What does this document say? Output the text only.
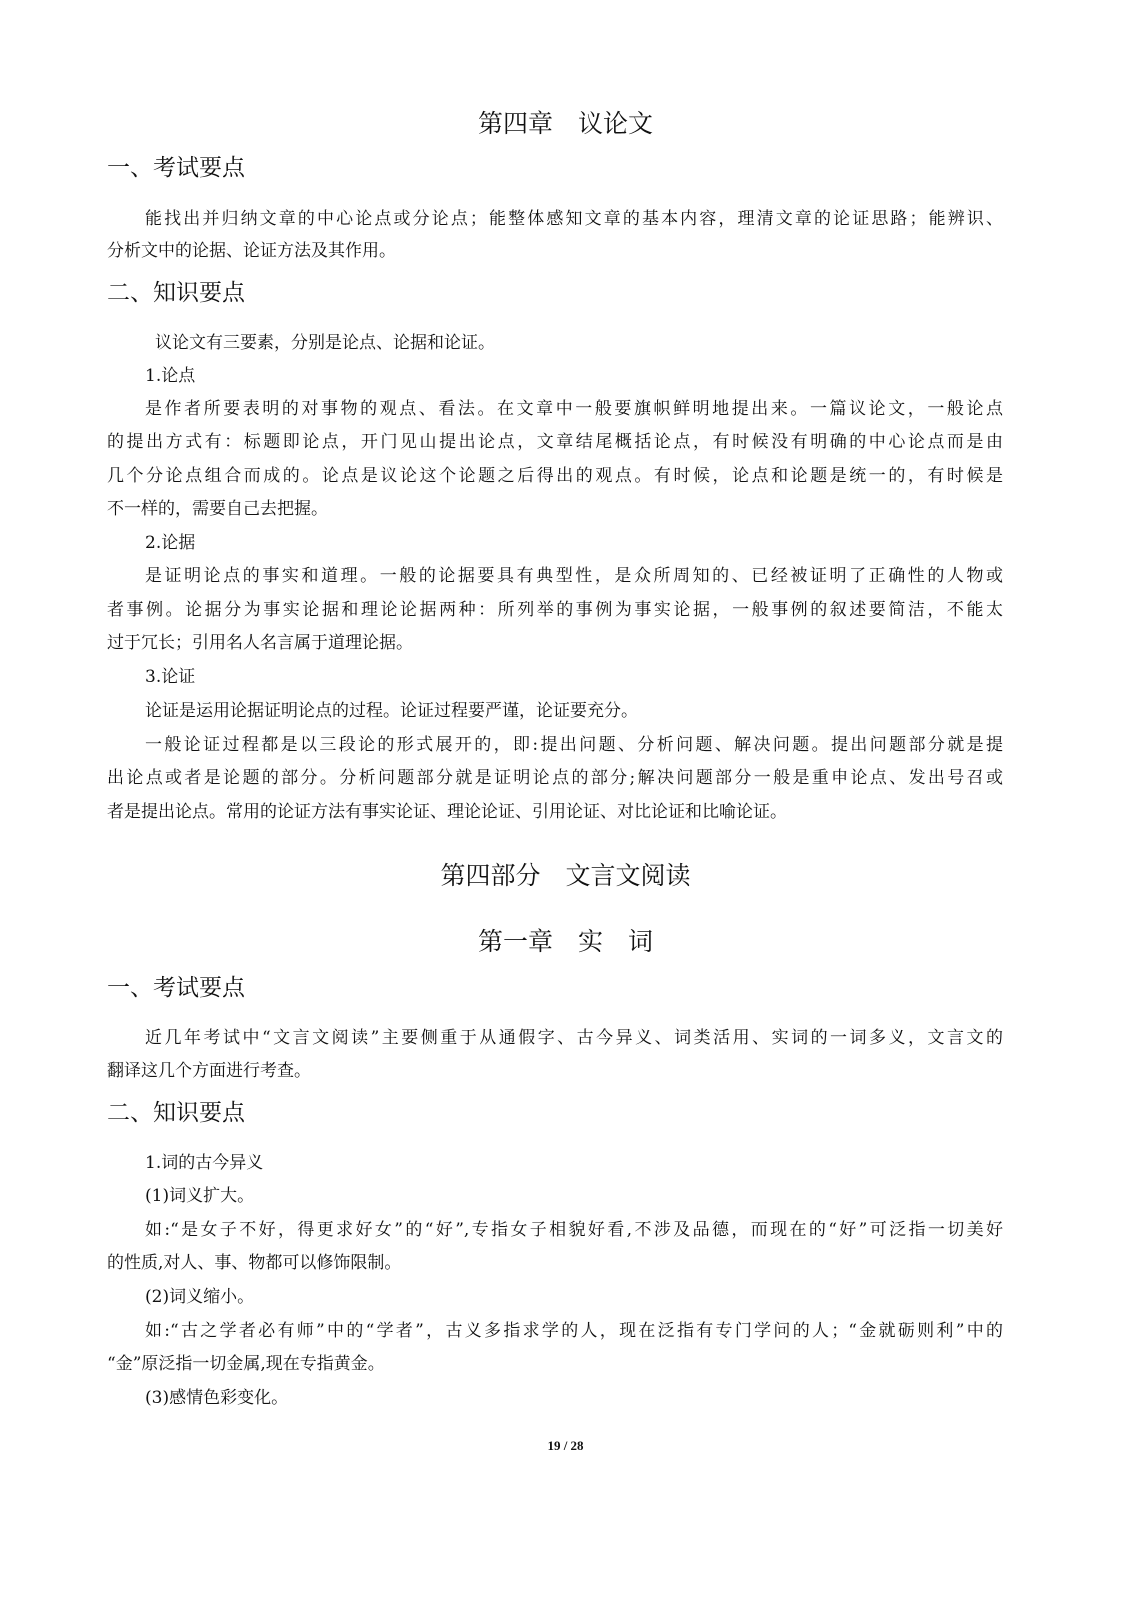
第四章　议论文
一、考试要点
能找出并归纳文章的中心论点或分论点；能整体感知文章的基本内容，理清文章的论证思路；能辨识、
分析文中的论据、论证方法及其作用。
二、知识要点
议论文有三要素，分别是论点、论据和论证。
1.论点
是作者所要表明的对事物的观点、看法。在文章中一般要旗帜鲜明地提出来。一篇议论文，一般论点
的提出方式有：标题即论点，开门见山提出论点，文章结尾概括论点，有时候没有明确的中心论点而是由
几个分论点组合而成的。论点是议论这个论题之后得出的观点。有时候，论点和论题是统一的，有时候是
不一样的，需要自己去把握。
2.论据
是证明论点的事实和道理。一般的论据要具有典型性，是众所周知的、已经被证明了正确性的人物或
者事例。论据分为事实论据和理论论据两种：所列举的事例为事实论据，一般事例的叙述要简洁，不能太
过于冗长；引用名人名言属于道理论据。
3.论证
论证是运用论据证明论点的过程。论证过程要严谨，论证要充分。
一般论证过程都是以三段论的形式展开的，即:提出问题、分析问题、解决问题。提出问题部分就是提
出论点或者是论题的部分。分析问题部分就是证明论点的部分;解决问题部分一般是重申论点、发出号召或
者是提出论点。常用的论证方法有事实论证、理论论证、引用论证、对比论证和比喻论证。
第四部分　文言文阅读
第一章　实　词
一、考试要点
近几年考试中“文言文阅读”主要侧重于从通假字、古今异义、词类活用、实词的一词多义，文言文的
翻译这几个方面进行考查。
二、知识要点
1.词的古今异义
(1)词义扩大。
如:“是女子不好，得更求好女”的“好”,专指女子相貌好看,不涉及品德，而现在的“好”可泛指一切美好
的性质,对人、事、物都可以修饰限制。
(2)词义缩小。
如:“古之学者必有师”中的“学者”，古义多指求学的人，现在泛指有专门学问的人；“金就砺则利”中的
“金”原泛指一切金属,现在专指黄金。
(3)感情色彩变化。
19 / 28
